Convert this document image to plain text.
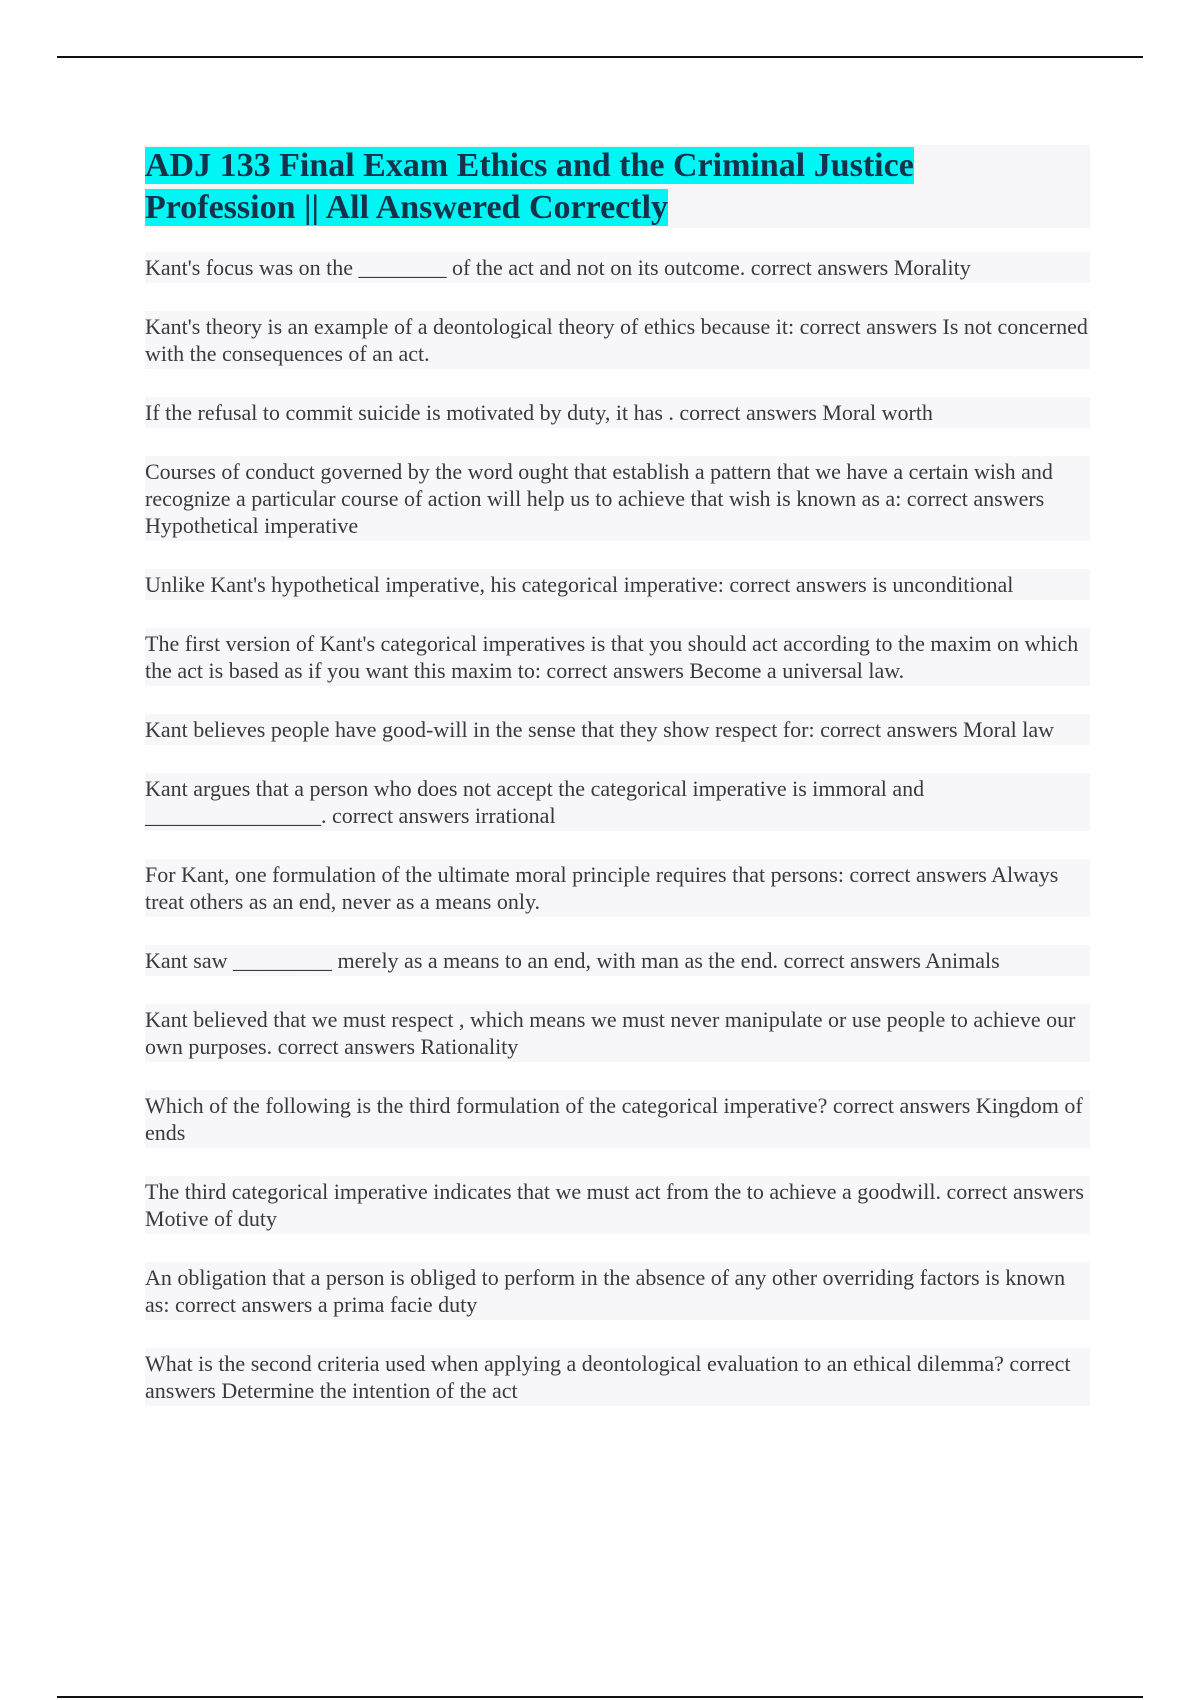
ADJ 133 Final Exam Ethics and the Criminal Justice Profession || All Answered Correctly
Kant's focus was on the ________ of the act and not on its outcome. correct answers Morality
Kant's theory is an example of a deontological theory of ethics because it: correct answers Is not concerned with the consequences of an act.
If the refusal to commit suicide is motivated by duty, it has . correct answers Moral worth
Courses of conduct governed by the word ought that establish a pattern that we have a certain wish and recognize a particular course of action will help us to achieve that wish is known as a: correct answers Hypothetical imperative
Unlike Kant's hypothetical imperative, his categorical imperative: correct answers is unconditional
The first version of Kant's categorical imperatives is that you should act according to the maxim on which the act is based as if you want this maxim to: correct answers Become a universal law.
Kant believes people have good-will in the sense that they show respect for: correct answers Moral law
Kant argues that a person who does not accept the categorical imperative is immoral and ________________. correct answers irrational
For Kant, one formulation of the ultimate moral principle requires that persons: correct answers Always treat others as an end, never as a means only.
Kant saw _________ merely as a means to an end, with man as the end. correct answers Animals
Kant believed that we must respect , which means we must never manipulate or use people to achieve our own purposes. correct answers Rationality
Which of the following is the third formulation of the categorical imperative? correct answers Kingdom of ends
The third categorical imperative indicates that we must act from the to achieve a goodwill. correct answers Motive of duty
An obligation that a person is obliged to perform in the absence of any other overriding factors is known as: correct answers a prima facie duty
What is the second criteria used when applying a deontological evaluation to an ethical dilemma? correct answers Determine the intention of the act
